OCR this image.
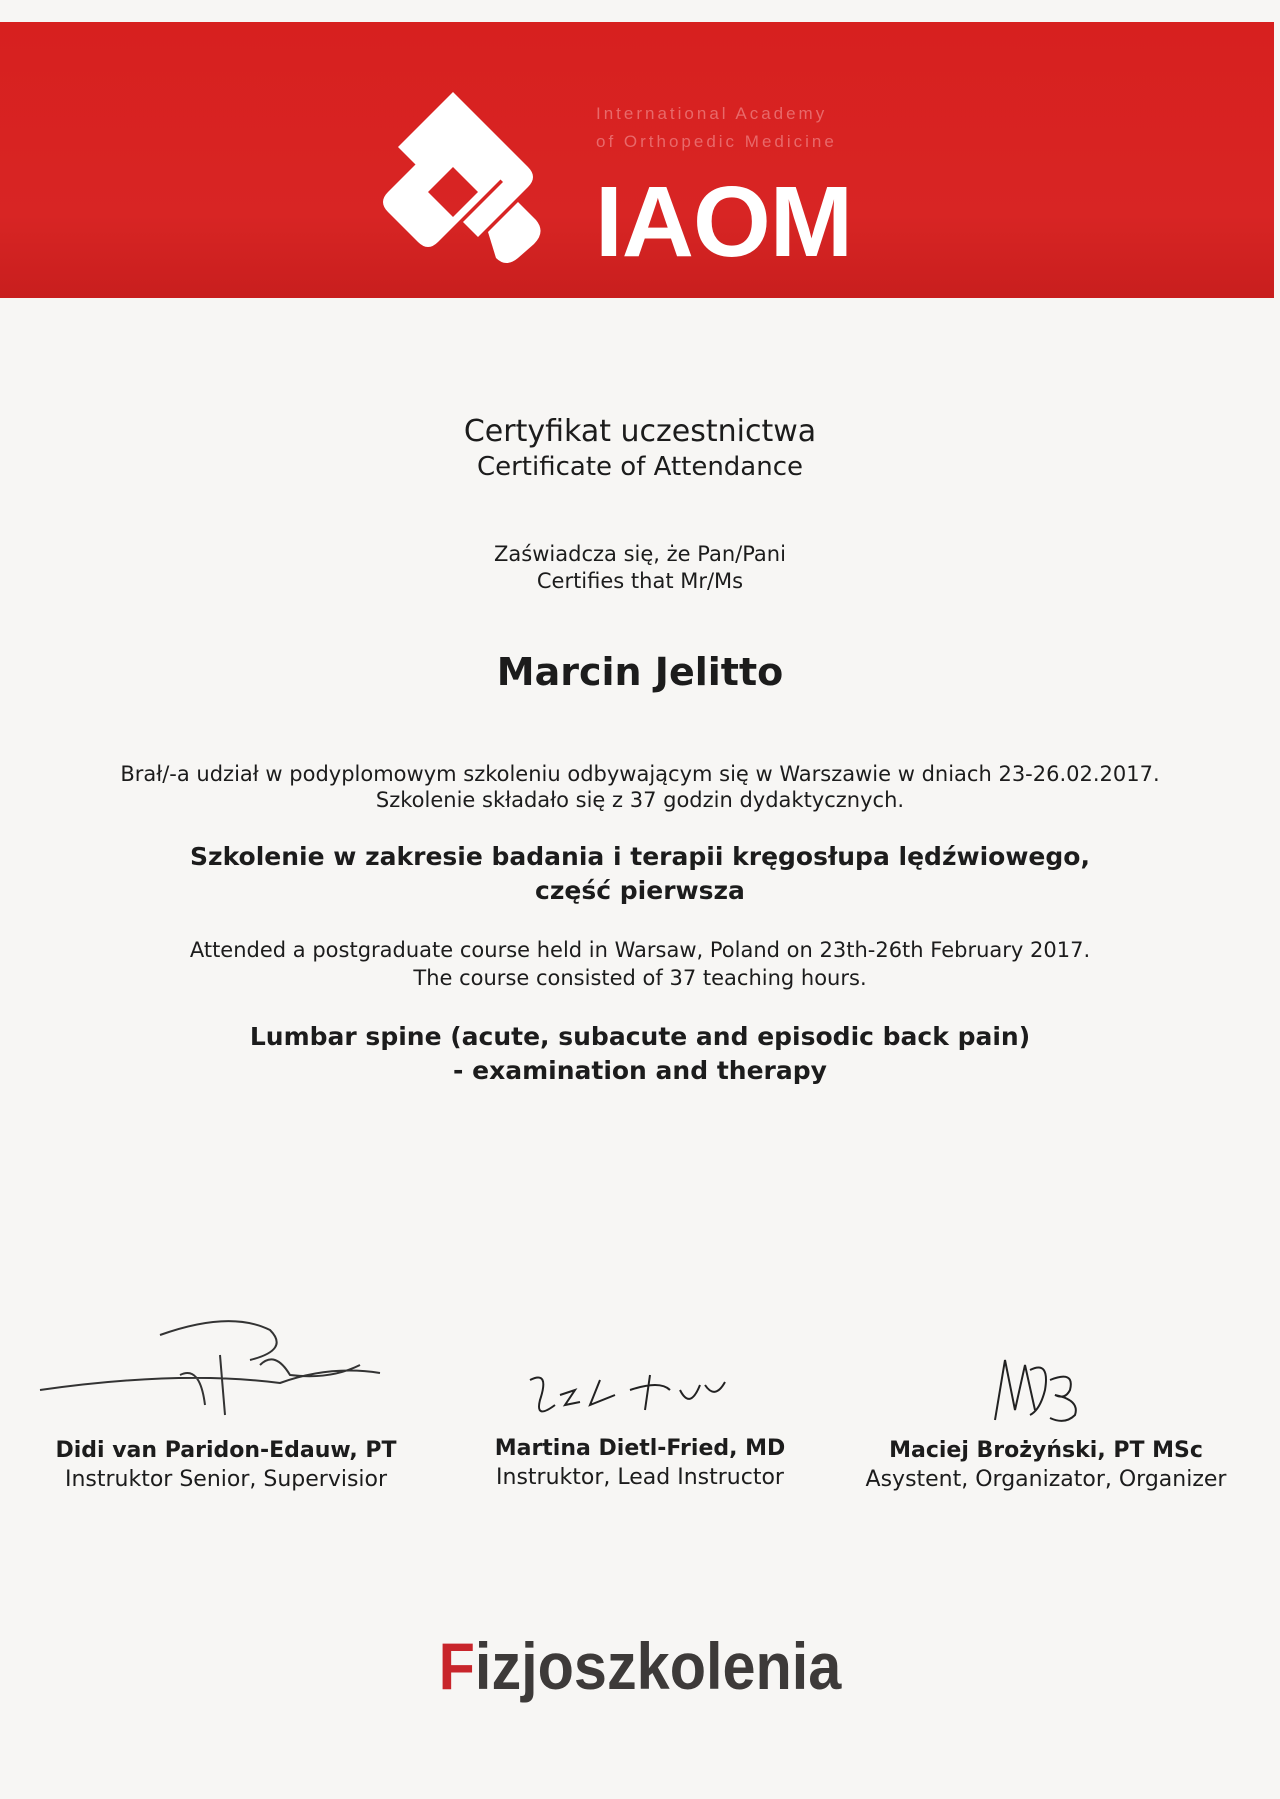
International Academy
of Orthopedic Medicine
IAOM
Certyfikat uczestnictwa
Certificate of Attendance
Zaświadcza się, że Pan/Pani
Certifies that Mr/Ms
Marcin Jelitto
Brał/-a udział w podyplomowym szkoleniu odbywającym się w Warszawie w dniach 23-26.02.2017.
Szkolenie składało się z 37 godzin dydaktycznych.
Szkolenie w zakresie badania i terapii kręgosłupa lędźwiowego,
część pierwsza
Attended a postgraduate course held in Warsaw, Poland on 23th-26th February 2017.
The course consisted of 37 teaching hours.
Lumbar spine (acute, subacute and episodic back pain)
- examination and therapy
Didi van Paridon-Edauw, PT
Instruktor Senior, Supervisior
Martina Dietl-Fried, MD
Instruktor, Lead Instructor
Maciej Brożyński, PT MSc
Asystent, Organizator, Organizer
Fizjoszkolenia
